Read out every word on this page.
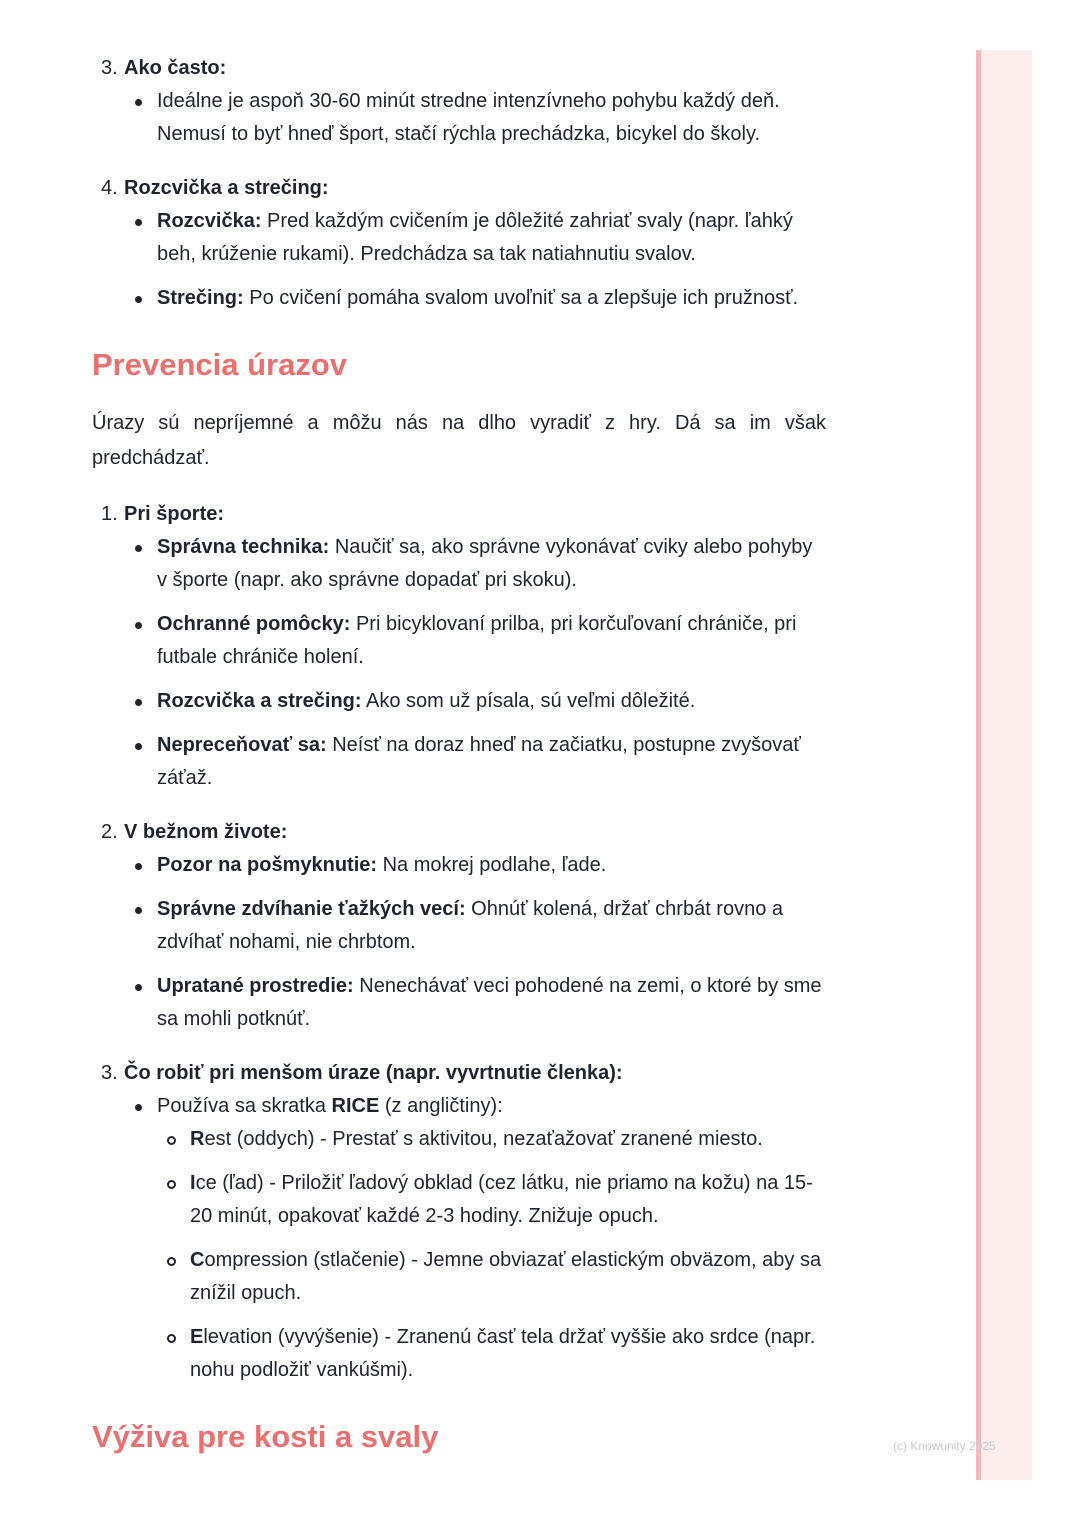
3. Ako často:
Ideálne je aspoň 30-60 minút stredne intenzívneho pohybu každý deň. Nemusí to byť hneď šport, stačí rýchla prechádzka, bicykel do školy.
4. Rozcvička a strečing:
Rozcvička: Pred každým cvičením je dôležité zahriať svaly (napr. ľahký beh, krúženie rukami). Predchádza sa tak natiahnutiu svalov.
Strečing: Po cvičení pomáha svalom uvoľniť sa a zlepšuje ich pružnosť.
Prevencia úrazov

Úrazy sú nepríjemné a môžu nás na dlho vyradiť z hry. Dá sa im však predchádzať.

1. Pri športe:
Správna technika: Naučiť sa, ako správne vykonávať cviky alebo pohyby v športe (napr. ako správne dopadať pri skoku).
Ochranné pomôcky: Pri bicyklovaní prilba, pri korčuľovaní chrániče, pri futbale chrániče holení.
Rozcvička a strečing: Ako som už písala, sú veľmi dôležité.
Nepreceňovať sa: Neísť na doraz hneď na začiatku, postupne zvyšovať záťaž.
2. V bežnom živote:
Pozor na pošmyknutie: Na mokrej podlahe, ľade.
Správne zdvíhanie ťažkých vecí: Ohnúť kolená, držať chrbát rovno a zdvíhať nohami, nie chrbtom.
Upratané prostredie: Nenechávať veci pohodené na zemi, o ktoré by sme sa mohli potknúť.
3. Čo robiť pri menšom úraze (napr. vyvrtnutie členka):
Používa sa skratka RICE (z angličtiny):
Rest (oddych) - Prestať s aktivitou, nezaťažovať zranené miesto.
Ice (ľad) - Priložiť ľadový obklad (cez látku, nie priamo na kožu) na 15-20 minút, opakovať každé 2-3 hodiny. Znižuje opuch.
Compression (stlačenie) - Jemne obviazať elastickým obväzom, aby sa znížil opuch.
Elevation (vyvýšenie) - Zranenú časť tela držať vyššie ako srdce (napr. nohu podložiť vankúšmi).
Výživa pre kosti a svaly	(c) Knowunity 2025
